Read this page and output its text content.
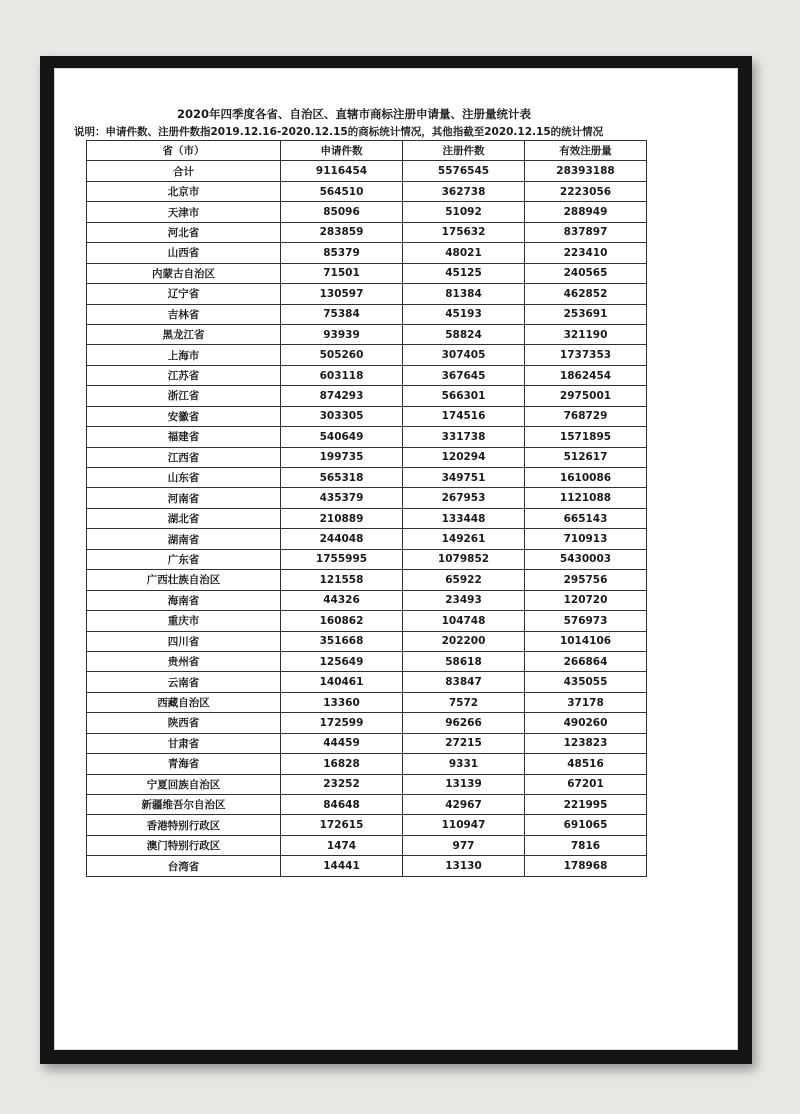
2020年四季度各省、自治区、直辖市商标注册申请量、注册量统计表
说明：申请件数、注册件数指2019.12.16-2020.12.15的商标统计情况，其他指截至2020.12.15的统计情况
省（市）	申请件数	注册件数	有效注册量
合计	9116454	5576545	28393188
北京市	564510	362738	2223056
天津市	85096	51092	288949
河北省	283859	175632	837897
山西省	85379	48021	223410
内蒙古自治区	71501	45125	240565
辽宁省	130597	81384	462852
吉林省	75384	45193	253691
黑龙江省	93939	58824	321190
上海市	505260	307405	1737353
江苏省	603118	367645	1862454
浙江省	874293	566301	2975001
安徽省	303305	174516	768729
福建省	540649	331738	1571895
江西省	199735	120294	512617
山东省	565318	349751	1610086
河南省	435379	267953	1121088
湖北省	210889	133448	665143
湖南省	244048	149261	710913
广东省	1755995	1079852	5430003
广西壮族自治区	121558	65922	295756
海南省	44326	23493	120720
重庆市	160862	104748	576973
四川省	351668	202200	1014106
贵州省	125649	58618	266864
云南省	140461	83847	435055
西藏自治区	13360	7572	37178
陕西省	172599	96266	490260
甘肃省	44459	27215	123823
青海省	16828	9331	48516
宁夏回族自治区	23252	13139	67201
新疆维吾尔自治区	84648	42967	221995
香港特别行政区	172615	110947	691065
澳门特别行政区	1474	977	7816
台湾省	14441	13130	178968
